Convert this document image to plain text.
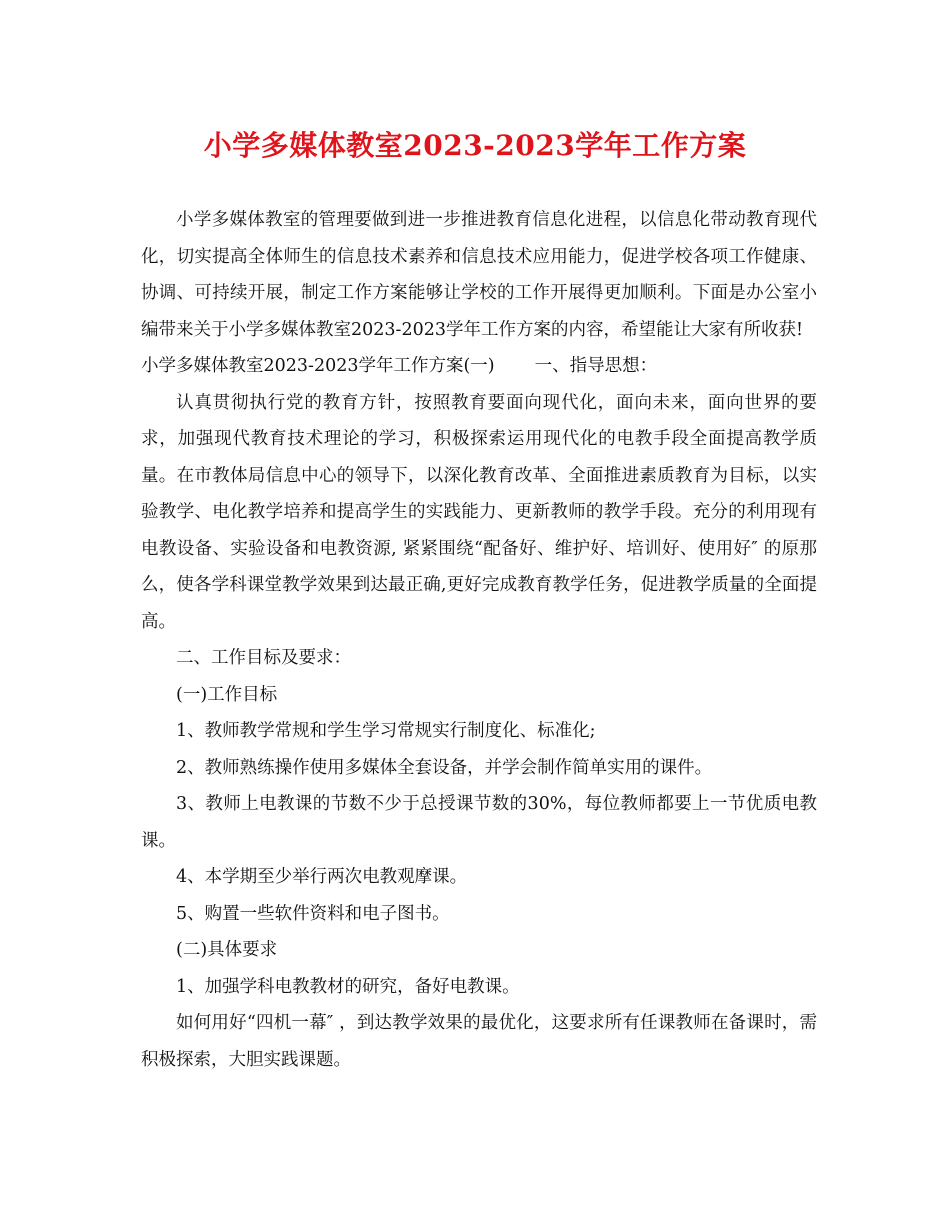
小学多媒体教室2023-2023学年工作方案

小学多媒体教室的管理要做到进一步推进教育信息化进程，以信息化带动教育现代化，切实提高全体师生的信息技术素养和信息技术应用能力，促进学校各项工作健康、协调、可持续开展，制定工作方案能够让学校的工作开展得更加顺利。下面是办公室小编带来关于小学多媒体教室2023-2023学年工作方案的内容，希望能让大家有所收获!

小学多媒体教室2023-2023学年工作方案(一) 一、指导思想：

认真贯彻执行党的教育方针，按照教育要面向现代化，面向未来，面向世界的要求，加强现代教育技术理论的学习，积极探索运用现代化的电教手段全面提高教学质量。在市教体局信息中心的领导下，以深化教育改革、全面推进素质教育为目标，以实验教学、电化教学培养和提高学生的实践能力、更新教师的教学手段。充分的利用现有电教设备、实验设备和电教资源, 紧紧围绕“配备好、维护好、培训好、使用好″ 的原那么，使各学科课堂教学效果到达最正确,更好完成教育教学任务，促进教学质量的全面提高。

二、工作目标及要求：

(一)工作目标

1、教师教学常规和学生学习常规实行制度化、标准化;

2、教师熟练操作使用多媒体全套设备，并学会制作简单实用的课件。

3、教师上电教课的节数不少于总授课节数的30%，每位教师都要上一节优质电教课。

4、本学期至少举行两次电教观摩课。

5、购置一些软件资料和电子图书。

(二)具体要求

1、加强学科电教教材的研究，备好电教课。

如何用好“四机一幕″ ，到达教学效果的最优化，这要求所有任课教师在备课时，需积极探索，大胆实践课题。
